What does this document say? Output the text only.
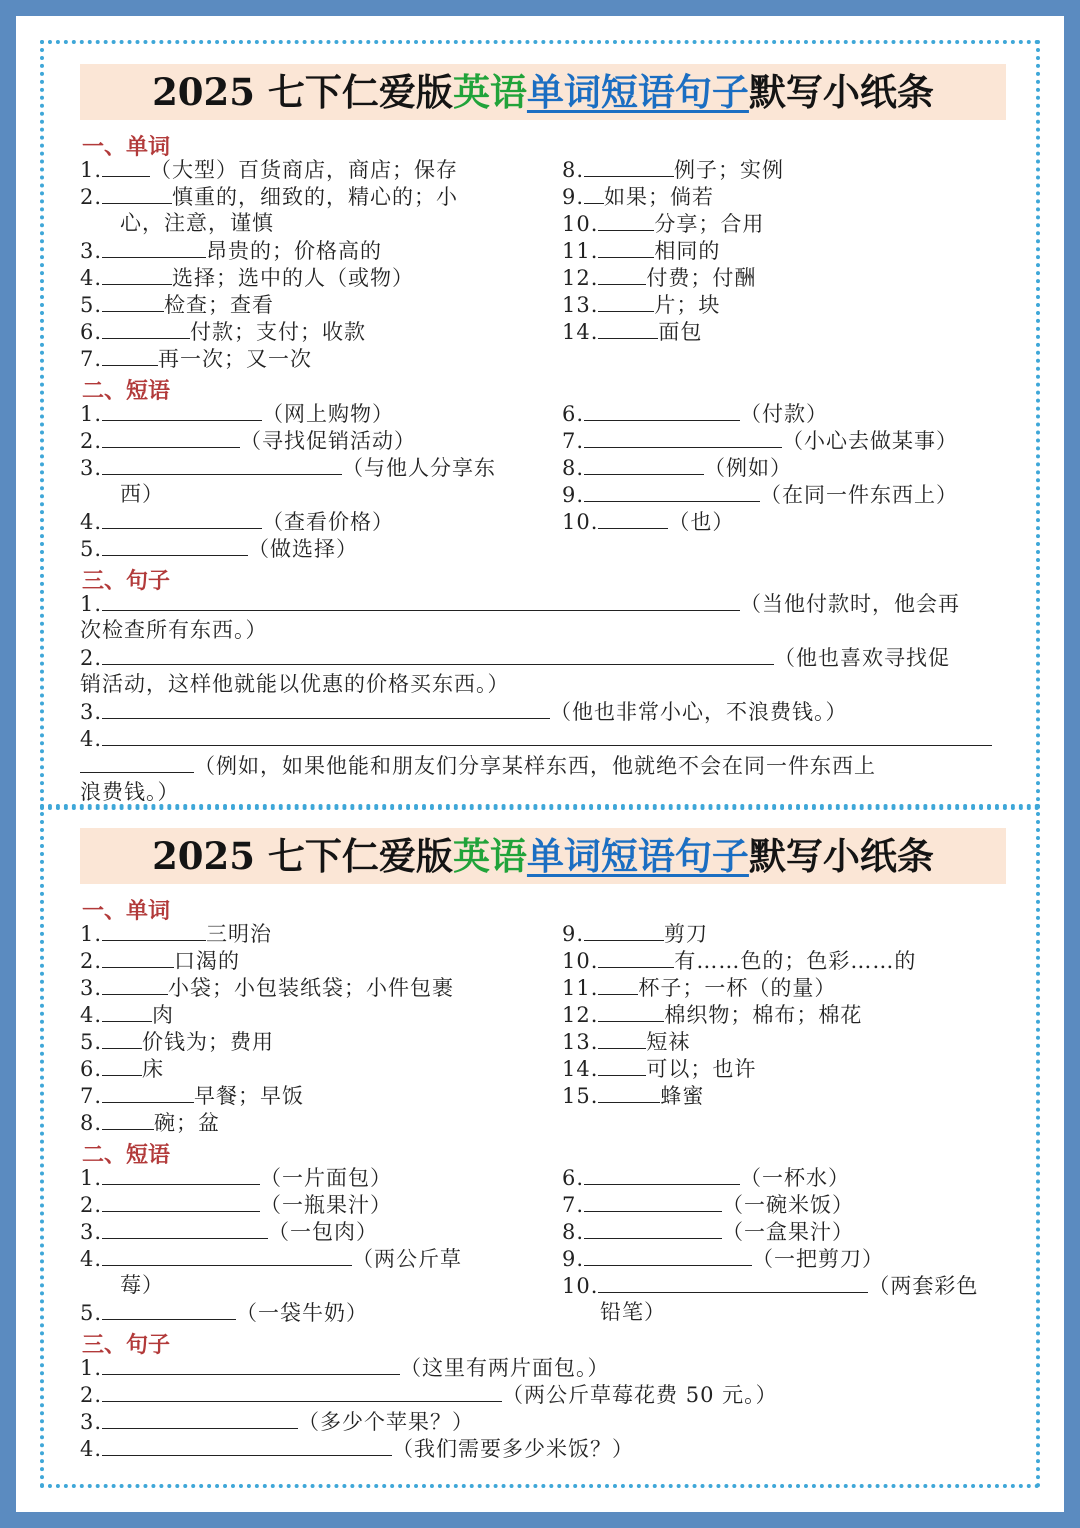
2025 七下仁爱版英语单词短语句子默写小纸条
一、单词
1. （大型）百货商店，商店；保存
2.	慎重的，细致的，精心的；小
心，注意，谨慎
3.	昂贵的；价格高的
4.	选择；选中的人（或物）
5.	检查；查看
6.	付款；支付；收款
7.	再一次；又一次
8.	例子；实例
9. 如果；倘若
10.	分享；合用
11.	相同的
12. 付费；付酬
13.	片；块
14.	面包
二、短语
1.	（网上购物）
2.	（寻找促销活动）
3.	（与他人分享东
西）
4.	（查看价格）
5.	（做选择）
6.	（付款）
7.	（小心去做某事）
8.	（例如）
9.	（在同一件东西上）
10.	（也）
三、句子
1.	（当他付款时，他会再
次检查所有东西。）
2.	（他也喜欢寻找促
销活动，这样他就能以优惠的价格买东西。）
3.	（他也非常小心，不浪费钱。）
4.
（例如，如果他能和朋友们分享某样东西，他就绝不会在同一件东西上
浪费钱。）
2025 七下仁爱版英语单词短语句子默写小纸条
一、单词
1.	三明治
2.	口渴的
3.	小袋；小包装纸袋；小件包裹
4. 肉
5. 价钱为；费用
6. 床
7.	早餐；早饭
8. 碗；盆
9.	剪刀
10.	有……色的；色彩……的
11. 杯子；一杯（的量）
12.	棉织物；棉布；棉花
13. 短袜
14. 可以；也许
15.	蜂蜜
二、短语
1.	（一片面包）
2.	（一瓶果汁）
3.	（一包肉）
4.	（两公斤草
莓）
5.	（一袋牛奶）
6.	（一杯水）
7.	（一碗米饭）
8.	（一盒果汁）
9.	（一把剪刀）
10.	（两套彩色
铅笔）
三、句子
1.	（这里有两片面包。）
2.	（两公斤草莓花费 50 元。）
3.	（多少个苹果？）
4.	（我们需要多少米饭？）
